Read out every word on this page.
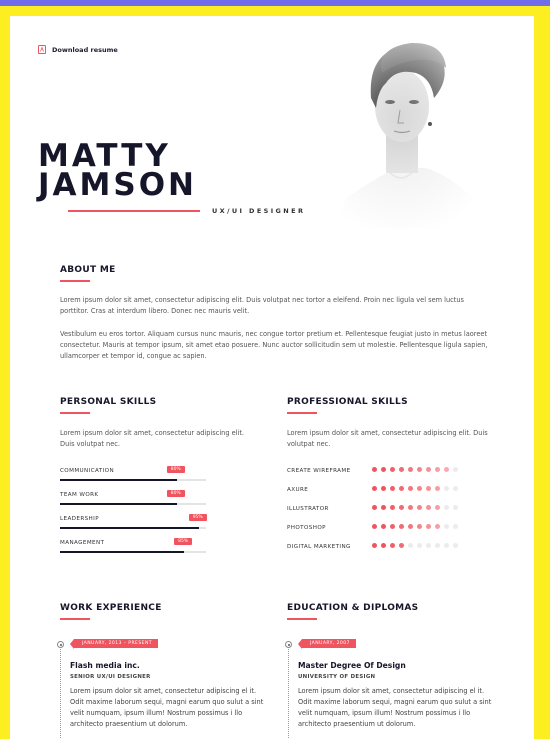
Download resume
MATTY
JAMSON
UX/UI DESIGNER
ABOUT ME
Lorem ipsum dolor sit amet, consectetur adipiscing elit. Duis volutpat nec tortor a eleifend. Proin nec ligula vel sem luctus porttitor. Cras at interdum libero. Donec nec mauris velit.
Vestibulum eu eros tortor. Aliquam cursus nunc mauris, nec congue tortor pretium et. Pellentesque feugiat justo in metus laoreet consectetur. Mauris at tempor ipsum, sit amet etao posuere. Nunc auctor sollicitudin sem ut molestie. Pellentesque ligula sapien, ullamcorper et tempor id, congue ac sapien.
PERSONAL SKILLS
Lorem ipsum dolor sit amet, consectetur adipiscing elit. Duis volutpat nec.
PROFESSIONAL SKILLS
Lorem ipsum dolor sit amet, consectetur adipiscing elit. Duis volutpat nec.
WORK EXPERIENCE
JANUARY, 2013 – PRESENT
Flash media inc.
SENIOR UX/UI DESIGNER
Lorem ipsum dolor sit amet, consectetur adipiscing el it. Odit maxime laborum sequi, magni earum quo sulut a sint velit numquam, ipsum illum! Nostrum possimus i llo architecto praesentium ut dolorum.
EDUCATION & DIPLOMAS
JANUARY, 2007
Master Degree Of Design
UNIVERSITY OF DESIGN
Lorem ipsum dolor sit amet, consectetur adipiscing el it. Odit maxime laborum sequi, magni earum quo sulut a sint velit numquam, ipsum illum! Nostrum possimus i llo architecto praesentium ut dolorum.
COMMUNICATION	80%
TEAM WORK	80%
LEADERSHIP	95%
MANAGEMENT	85%
CREATE WIREFRAME
AXURE
ILLUSTRATOR
PHOTOSHOP
DIGITAL MARKETING
